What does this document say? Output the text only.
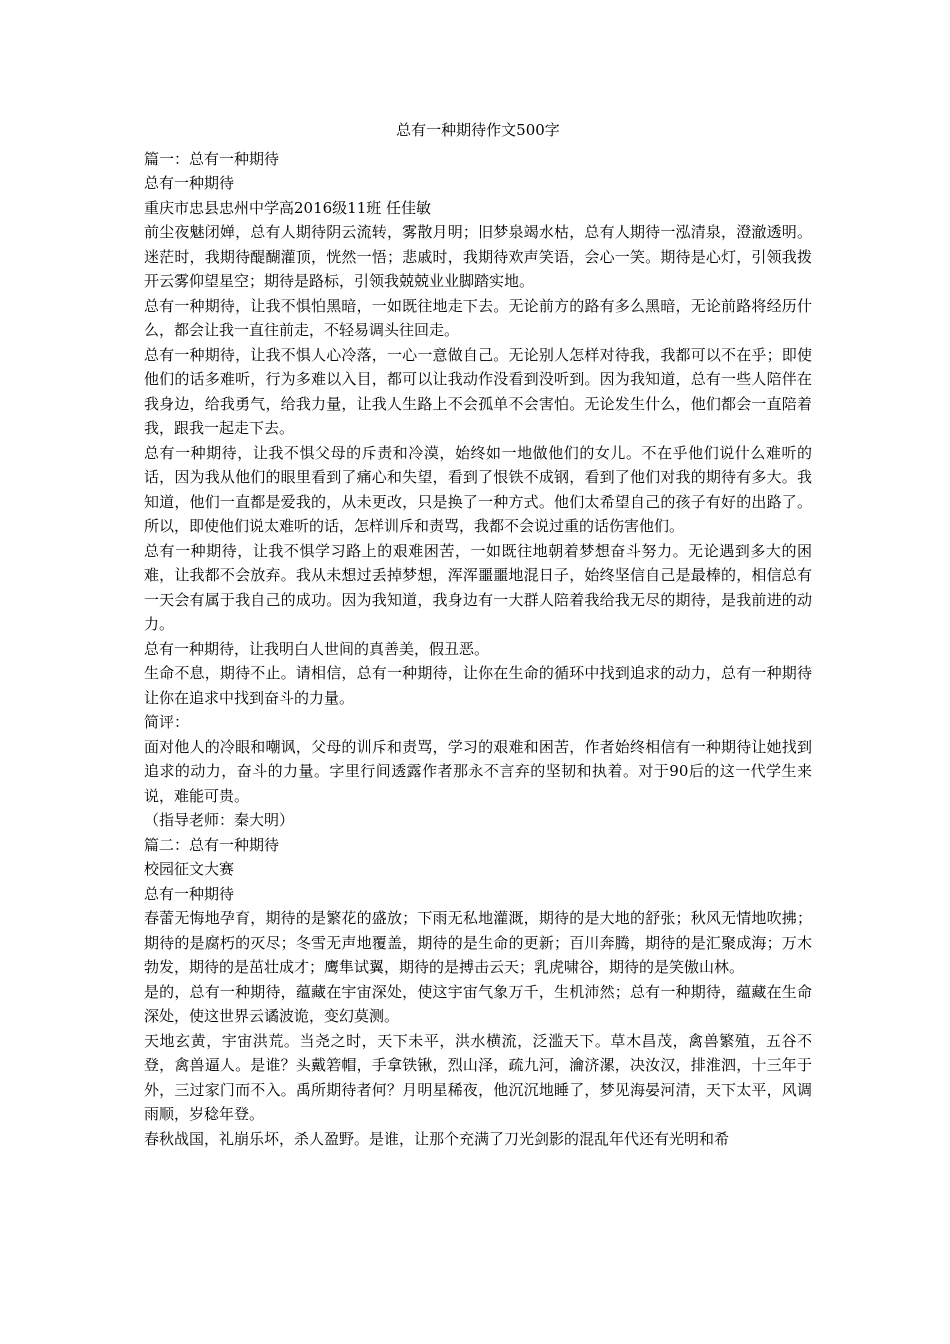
总有一种期待作文500字
篇一：总有一种期待
总有一种期待
重庆市忠县忠州中学高2016级11班 任佳敏
前尘夜魅闭婵，总有人期待阴云流转，雾散月明；旧梦泉竭水枯，总有人期待一泓清泉，澄澈透明。迷茫时，我期待醍醐灌顶，恍然一悟；悲戚时，我期待欢声笑语，会心一笑。期待是心灯，引领我拨开云雾仰望星空；期待是路标，引领我兢兢业业脚踏实地。
总有一种期待，让我不惧怕黑暗，一如既往地走下去。无论前方的路有多么黑暗，无论前路将经历什么，都会让我一直往前走，不轻易调头往回走。
总有一种期待，让我不惧人心冷落，一心一意做自己。无论别人怎样对待我，我都可以不在乎；即使他们的话多难听，行为多难以入目，都可以让我动作没看到没听到。因为我知道，总有一些人陪伴在我身边，给我勇气，给我力量，让我人生路上不会孤单不会害怕。无论发生什么，他们都会一直陪着我，跟我一起走下去。
总有一种期待，让我不惧父母的斥责和冷漠，始终如一地做他们的女儿。不在乎他们说什么难听的话，因为我从他们的眼里看到了痛心和失望，看到了恨铁不成钢，看到了他们对我的期待有多大。我知道，他们一直都是爱我的，从未更改，只是换了一种方式。他们太希望自己的孩子有好的出路了。所以，即使他们说太难听的话，怎样训斥和责骂，我都不会说过重的话伤害他们。
总有一种期待，让我不惧学习路上的艰难困苦，一如既往地朝着梦想奋斗努力。无论遇到多大的困难，让我都不会放弃。我从未想过丢掉梦想，浑浑噩噩地混日子，始终坚信自己是最棒的，相信总有一天会有属于我自己的成功。因为我知道，我身边有一大群人陪着我给我无尽的期待，是我前进的动力。
总有一种期待，让我明白人世间的真善美，假丑恶。
生命不息，期待不止。请相信，总有一种期待，让你在生命的循环中找到追求的动力，总有一种期待让你在追求中找到奋斗的力量。
简评：
面对他人的冷眼和嘲讽，父母的训斥和责骂，学习的艰难和困苦，作者始终相信有一种期待让她找到追求的动力，奋斗的力量。字里行间透露作者那永不言弃的坚韧和执着。对于90后的这一代学生来说，难能可贵。
（指导老师：秦大明）
篇二：总有一种期待
校园征文大赛
总有一种期待
春蕾无悔地孕育，期待的是繁花的盛放；下雨无私地灌溉，期待的是大地的舒张；秋风无情地吹拂；期待的是腐朽的灭尽；冬雪无声地覆盖，期待的是生命的更新；百川奔腾，期待的是汇聚成海；万木勃发，期待的是茁壮成才；鹰隼试翼，期待的是搏击云天；乳虎啸谷，期待的是笑傲山林。
是的，总有一种期待，蕴藏在宇宙深处，使这宇宙气象万千，生机沛然；总有一种期待，蕴藏在生命深处，使这世界云谲波诡，变幻莫测。
天地玄黄，宇宙洪荒。当尧之时，天下未平，洪水横流，泛滥天下。草木昌茂，禽兽繁殖，五谷不登，禽兽逼人。是谁？头戴箬帽，手拿铁锹，烈山泽，疏九河，瀹济漯，决汝汉，排淮泗，十三年于外，三过家门而不入。禹所期待者何？月明星稀夜，他沉沉地睡了，梦见海晏河清，天下太平，风调雨顺，岁稔年登。
春秋战国，礼崩乐坏，杀人盈野。是谁，让那个充满了刀光剑影的混乱年代还有光明和希
